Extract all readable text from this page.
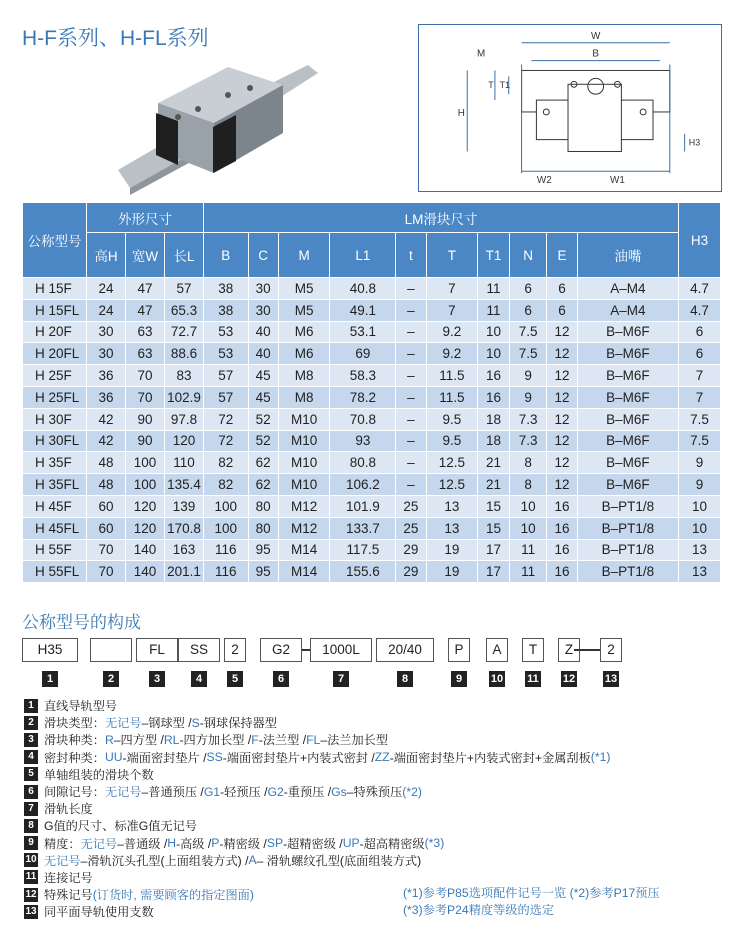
H-F系列、H-FL系列	W
B
M
H
T T1
H3
W2	W1
公称型号	外形尺寸			LM滑块尺寸										H3
	高H	宽W	长L	B	C	M	L1	t	T	T1	N	E	油嘴	
H 15F	24	47	57	38	30	M5	40.8	–	7	11	6	6	A–M4	4.7
H 15FL	24	47	65.3	38	30	M5	49.1	–	7	11	6	6	A–M4	4.7
H 20F	30	63	72.7	53	40	M6	53.1	–	9.2	10	7.5	12	B–M6F	6
H 20FL	30	63	88.6	53	40	M6	69	–	9.2	10	7.5	12	B–M6F	6
H 25F	36	70	83	57	45	M8	58.3	–	11.5	16	9	12	B–M6F	7
H 25FL	36	70	102.9	57	45	M8	78.2	–	11.5	16	9	12	B–M6F	7
H 30F	42	90	97.8	72	52	M10	70.8	–	9.5	18	7.3	12	B–M6F	7.5
H 30FL	42	90	120	72	52	M10	93	–	9.5	18	7.3	12	B–M6F	7.5
H 35F	48	100	110	82	62	M10	80.8	–	12.5	21	8	12	B–M6F	9
H 35FL	48	100	135.4	82	62	M10	106.2	–	12.5	21	8	12	B–M6F	9
H 45F	60	120	139	100	80	M12	101.9	25	13	15	10	16	B–PT1/8	10
H 45FL	60	120	170.8	100	80	M12	133.7	25	13	15	10	16	B–PT1/8	10
H 55F	70	140	163	116	95	M14	117.5	29	19	17	11	16	B–PT1/8	13
H 55FL	70	140	201.1	116	95	M14	155.6	29	19	17	11	16	B–PT1/8	13
公称型号的构成
H35	FL	SS	2	G2	1000L	20/40	P	A	T	Z	2
1	2	3	4	5	6	7	8	9	10 11 12	13
1 直线导轨型号
2 滑块类型： 无记号 –钢球型 / S -钢球保持器型
3 滑块种类： R –四方型 / RL -四方加长型 / F -法兰型 / FL –法兰加长型
4 密封种类： UU -端面密封垫片 / SS -端面密封垫片+内装式密封 / ZZ -端面密封垫片+内装式密封+金属刮板 (*1)
5 单轴组装的滑块个数
6 间隙记号： 无记号 –普通预压 / G1 -轻预压 / G2 -重预压 / Gs –特殊预压 (*2)
7 滑轨长度
8 G值的尺寸、标准G值无记号
9 精度： 无记号 –普通级 / H -高级 / P -精密级 / SP -超精密级 / UP -超高精密级 (*3)
10 无记号 –滑轨沉头孔型(上面组装方式) / A – 滑轨螺纹孔型(底面组装方式)
11 连接记号
12 特殊记号 (订货时, 需要顾客的指定图面)
13 同平面导轨使用支数
(*1)参考P85选项配件记号一览 (*2)参考P17预压
(*3)参考P24精度等级的选定
